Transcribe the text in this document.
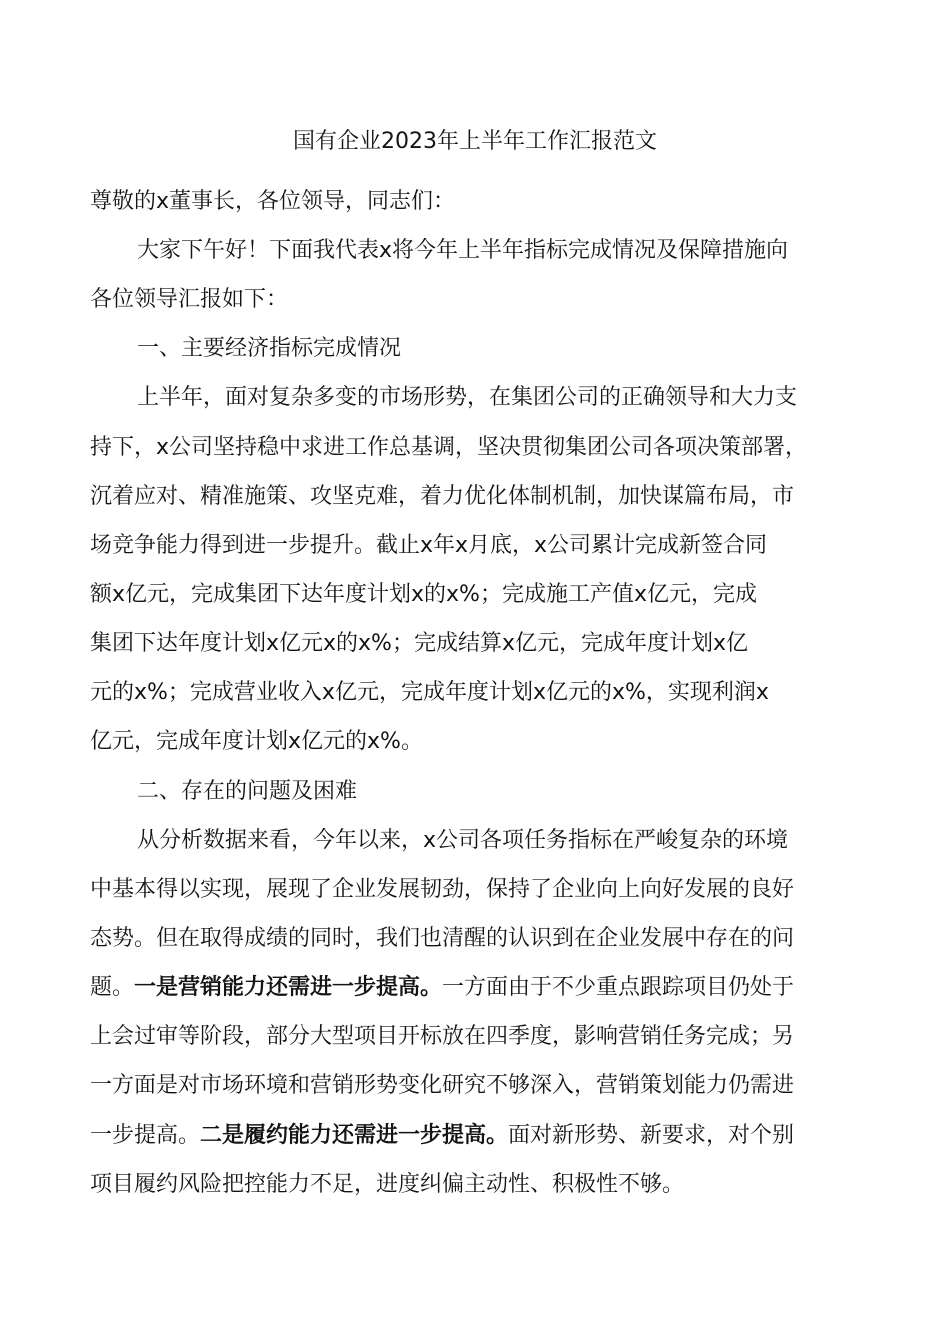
国有企业2023年上半年工作汇报范文
尊敬的x董事长，各位领导，同志们：
大家下午好！下面我代表x将今年上半年指标完成情况及保障措施向
各位领导汇报如下：
一、主要经济指标完成情况
上半年，面对复杂多变的市场形势，在集团公司的正确领导和大力支
持下，x公司坚持稳中求进工作总基调，坚决贯彻集团公司各项决策部署，
沉着应对、精准施策、攻坚克难，着力优化体制机制，加快谋篇布局，市
场竞争能力得到进一步提升。截止x年x月底，x公司累计完成新签合同
额x亿元，完成集团下达年度计划x的x%；完成施工产值x亿元，完成
集团下达年度计划x亿元x的x%；完成结算x亿元，完成年度计划x亿
元的x%；完成营业收入x亿元，完成年度计划x亿元的x%，实现利润x
亿元，完成年度计划x亿元的x%。
二、存在的问题及困难
从分析数据来看，今年以来，x公司各项任务指标在严峻复杂的环境
中基本得以实现，展现了企业发展韧劲，保持了企业向上向好发展的良好
态势。但在取得成绩的同时，我们也清醒的认识到在企业发展中存在的问
题。一是营销能力还需进一步提高。一方面由于不少重点跟踪项目仍处于
上会过审等阶段，部分大型项目开标放在四季度，影响营销任务完成；另
一方面是对市场环境和营销形势变化研究不够深入，营销策划能力仍需进
一步提高。二是履约能力还需进一步提高。面对新形势、新要求，对个别
项目履约风险把控能力不足，进度纠偏主动性、积极性不够。
